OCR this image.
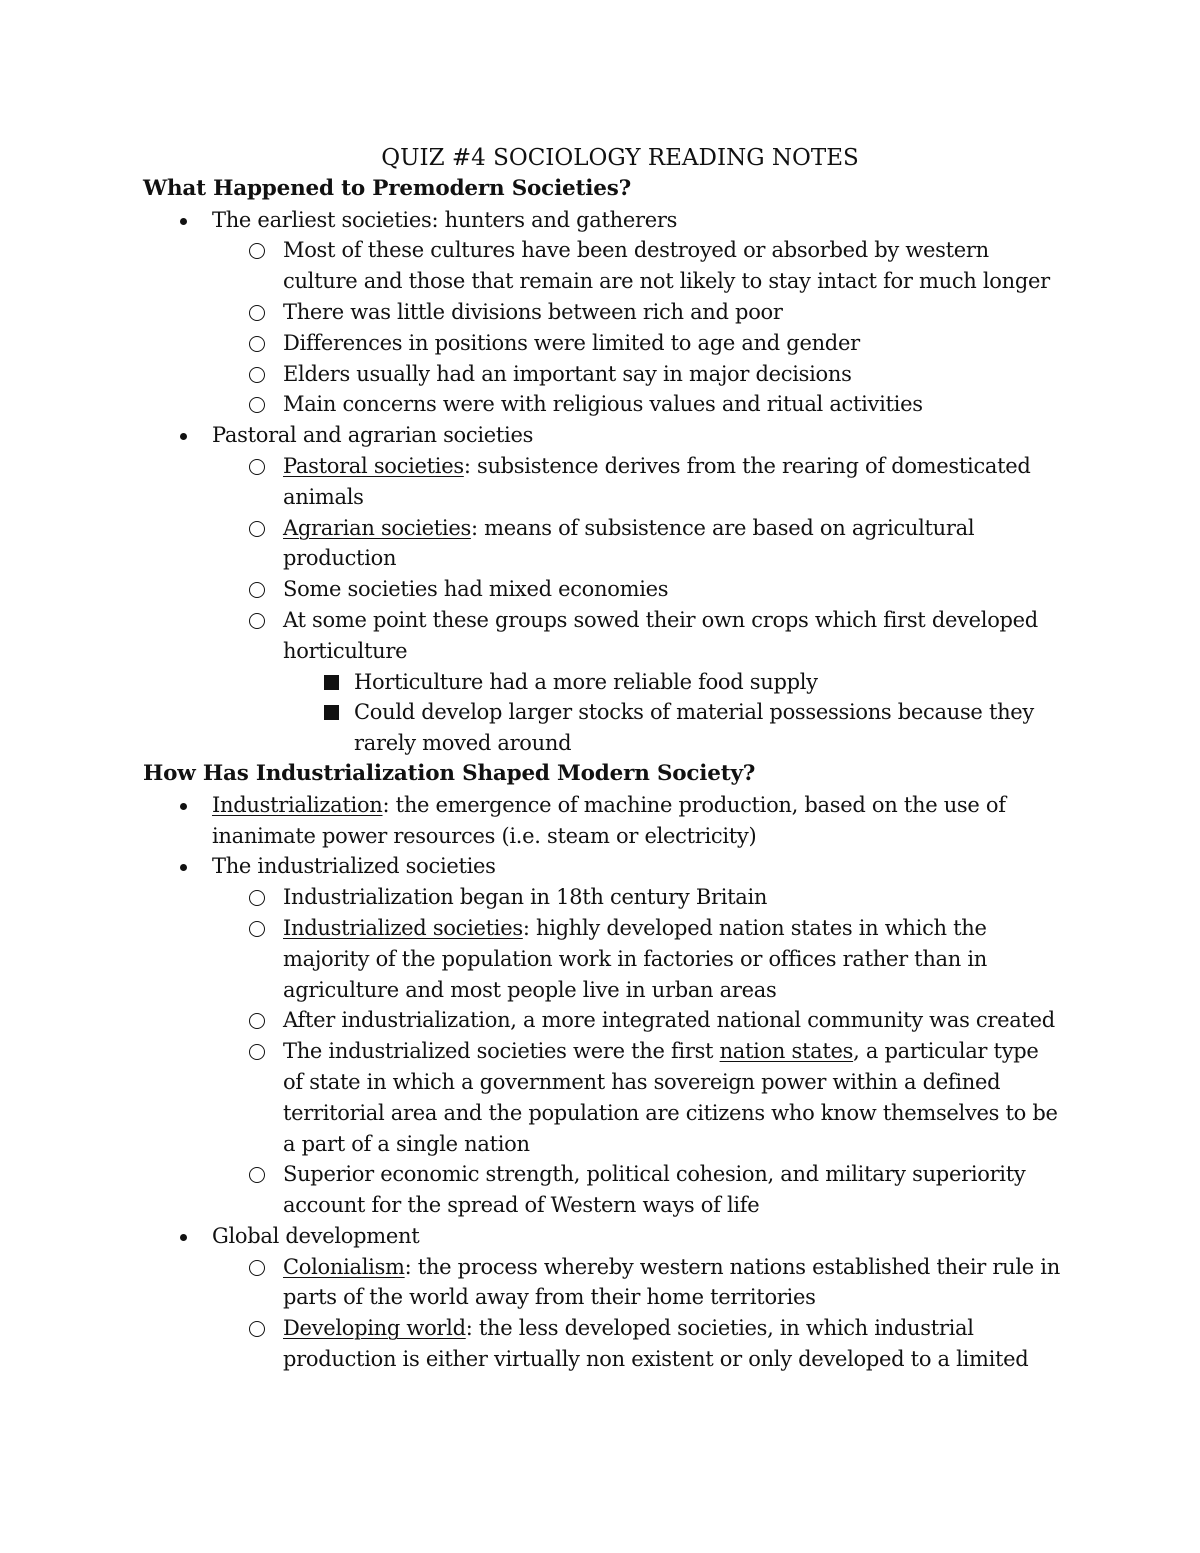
QUIZ #4 SOCIOLOGY READING NOTES
What Happened to Premodern Societies?
The earliest societies: hunters and gatherers
Most of these cultures have been destroyed or absorbed by western culture and those that remain are not likely to stay intact for much longer
There was little divisions between rich and poor
Differences in positions were limited to age and gender
Elders usually had an important say in major decisions
Main concerns were with religious values and ritual activities
Pastoral and agrarian societies
Pastoral societies: subsistence derives from the rearing of domesticated animals
Agrarian societies: means of subsistence are based on agricultural production
Some societies had mixed economies
At some point these groups sowed their own crops which first developed horticulture
Horticulture had a more reliable food supply
Could develop larger stocks of material possessions because they rarely moved around
How Has Industrialization Shaped Modern Society?
Industrialization: the emergence of machine production, based on the use of inanimate power resources (i.e. steam or electricity)
The industrialized societies
Industrialization began in 18th century Britain
Industrialized societies: highly developed nation states in which the majority of the population work in factories or offices rather than in agriculture and most people live in urban areas
After industrialization, a more integrated national community was created
The industrialized societies were the first nation states, a particular type of state in which a government has sovereign power within a defined territorial area and the population are citizens who know themselves to be a part of a single nation
Superior economic strength, political cohesion, and military superiority account for the spread of Western ways of life
Global development
Colonialism: the process whereby western nations established their rule in parts of the world away from their home territories
Developing world: the less developed societies, in which industrial production is either virtually non existent or only developed to a limited
